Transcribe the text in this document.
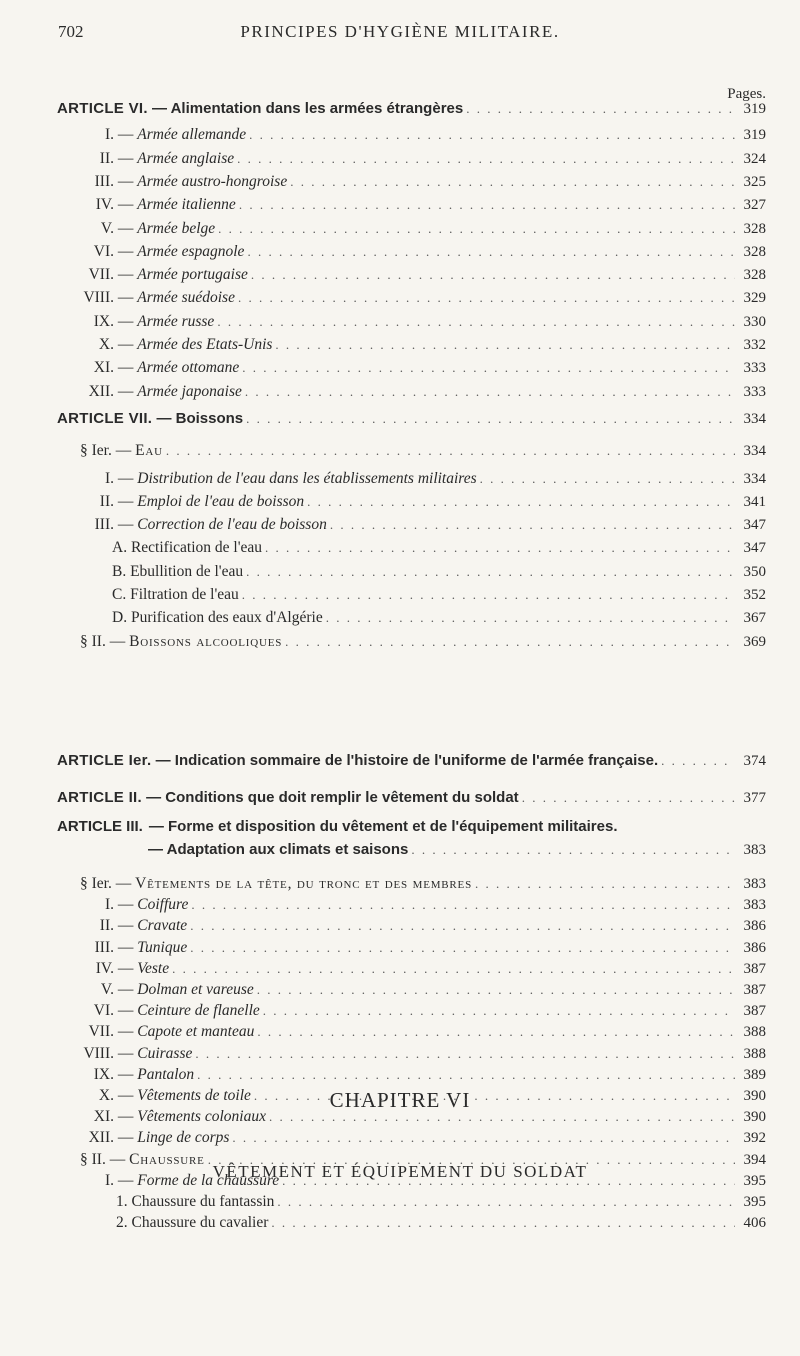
702	PRINCIPES D'HYGIÈNE MILITAIRE.
Pages.
ARTICLE VI. — Alimentation dans les armées étrangères . . .	319
I. — Armée allemande . . .	319
II. — Armée anglaise . . .	324
III. — Armée austro-hongroise . . .	325
IV. — Armée italienne . . .	327
V. — Armée belge . . .	328
VI. — Armée espagnole . . .	328
VII. — Armée portugaise . . .	328
VIII. — Armée suédoise . . .	329
IX. — Armée russe . . .	330
X. — Armée des Etats-Unis . . .	332
XI. — Armée ottomane . . .	333
XII. — Armée japonaise . . .	333
ARTICLE VII. — Boissons . . .	334
§ Ier. — Eau . . .	334
I. — Distribution de l'eau dans les établissements militaires . . .	334
II. — Emploi de l'eau de boisson . . .	341
III. — Correction de l'eau de boisson . . .	347
A. Rectification de l'eau . . .	347
B. Ebullition de l'eau . . .	350
C. Filtration de l'eau . . .	352
D. Purification des eaux d'Algérie . . .	367
§ II. — Boissons alcooliques . . .	369
CHAPITRE VI
VÊTEMENT ET ÉQUIPEMENT DU SOLDAT
ARTICLE Ier. — Indication sommaire de l'histoire de l'uniforme de l'armée française. . . .	374
ARTICLE II. — Conditions que doit remplir le vêtement du soldat . . .	377
ARTICLE III. — Forme et disposition du vêtement et de l'équipement militaires.
— Adaptation aux climats et saisons . . .	383
§ Ier. — Vêtements de la tête, du tronc et des membres . . .	383
I. — Coiffure . . .	383
II. — Cravate . . .	386
III. — Tunique . . .	386
IV. — Veste . . .	387
V. — Dolman et vareuse . . .	387
VI. — Ceinture de flanelle . . .	387
VII. — Capote et manteau . . .	388
VIII. — Cuirasse . . .	388
IX. — Pantalon . . .	389
X. — Vêtements de toile . . .	390
XI. — Vêtements coloniaux . . .	390
XII. — Linge de corps . . .	392
§ II. — Chaussure . . .	394
I. — Forme de la chaussure . . .	395
1. Chaussure du fantassin . . .	395
2. Chaussure du cavalier . . .	406
